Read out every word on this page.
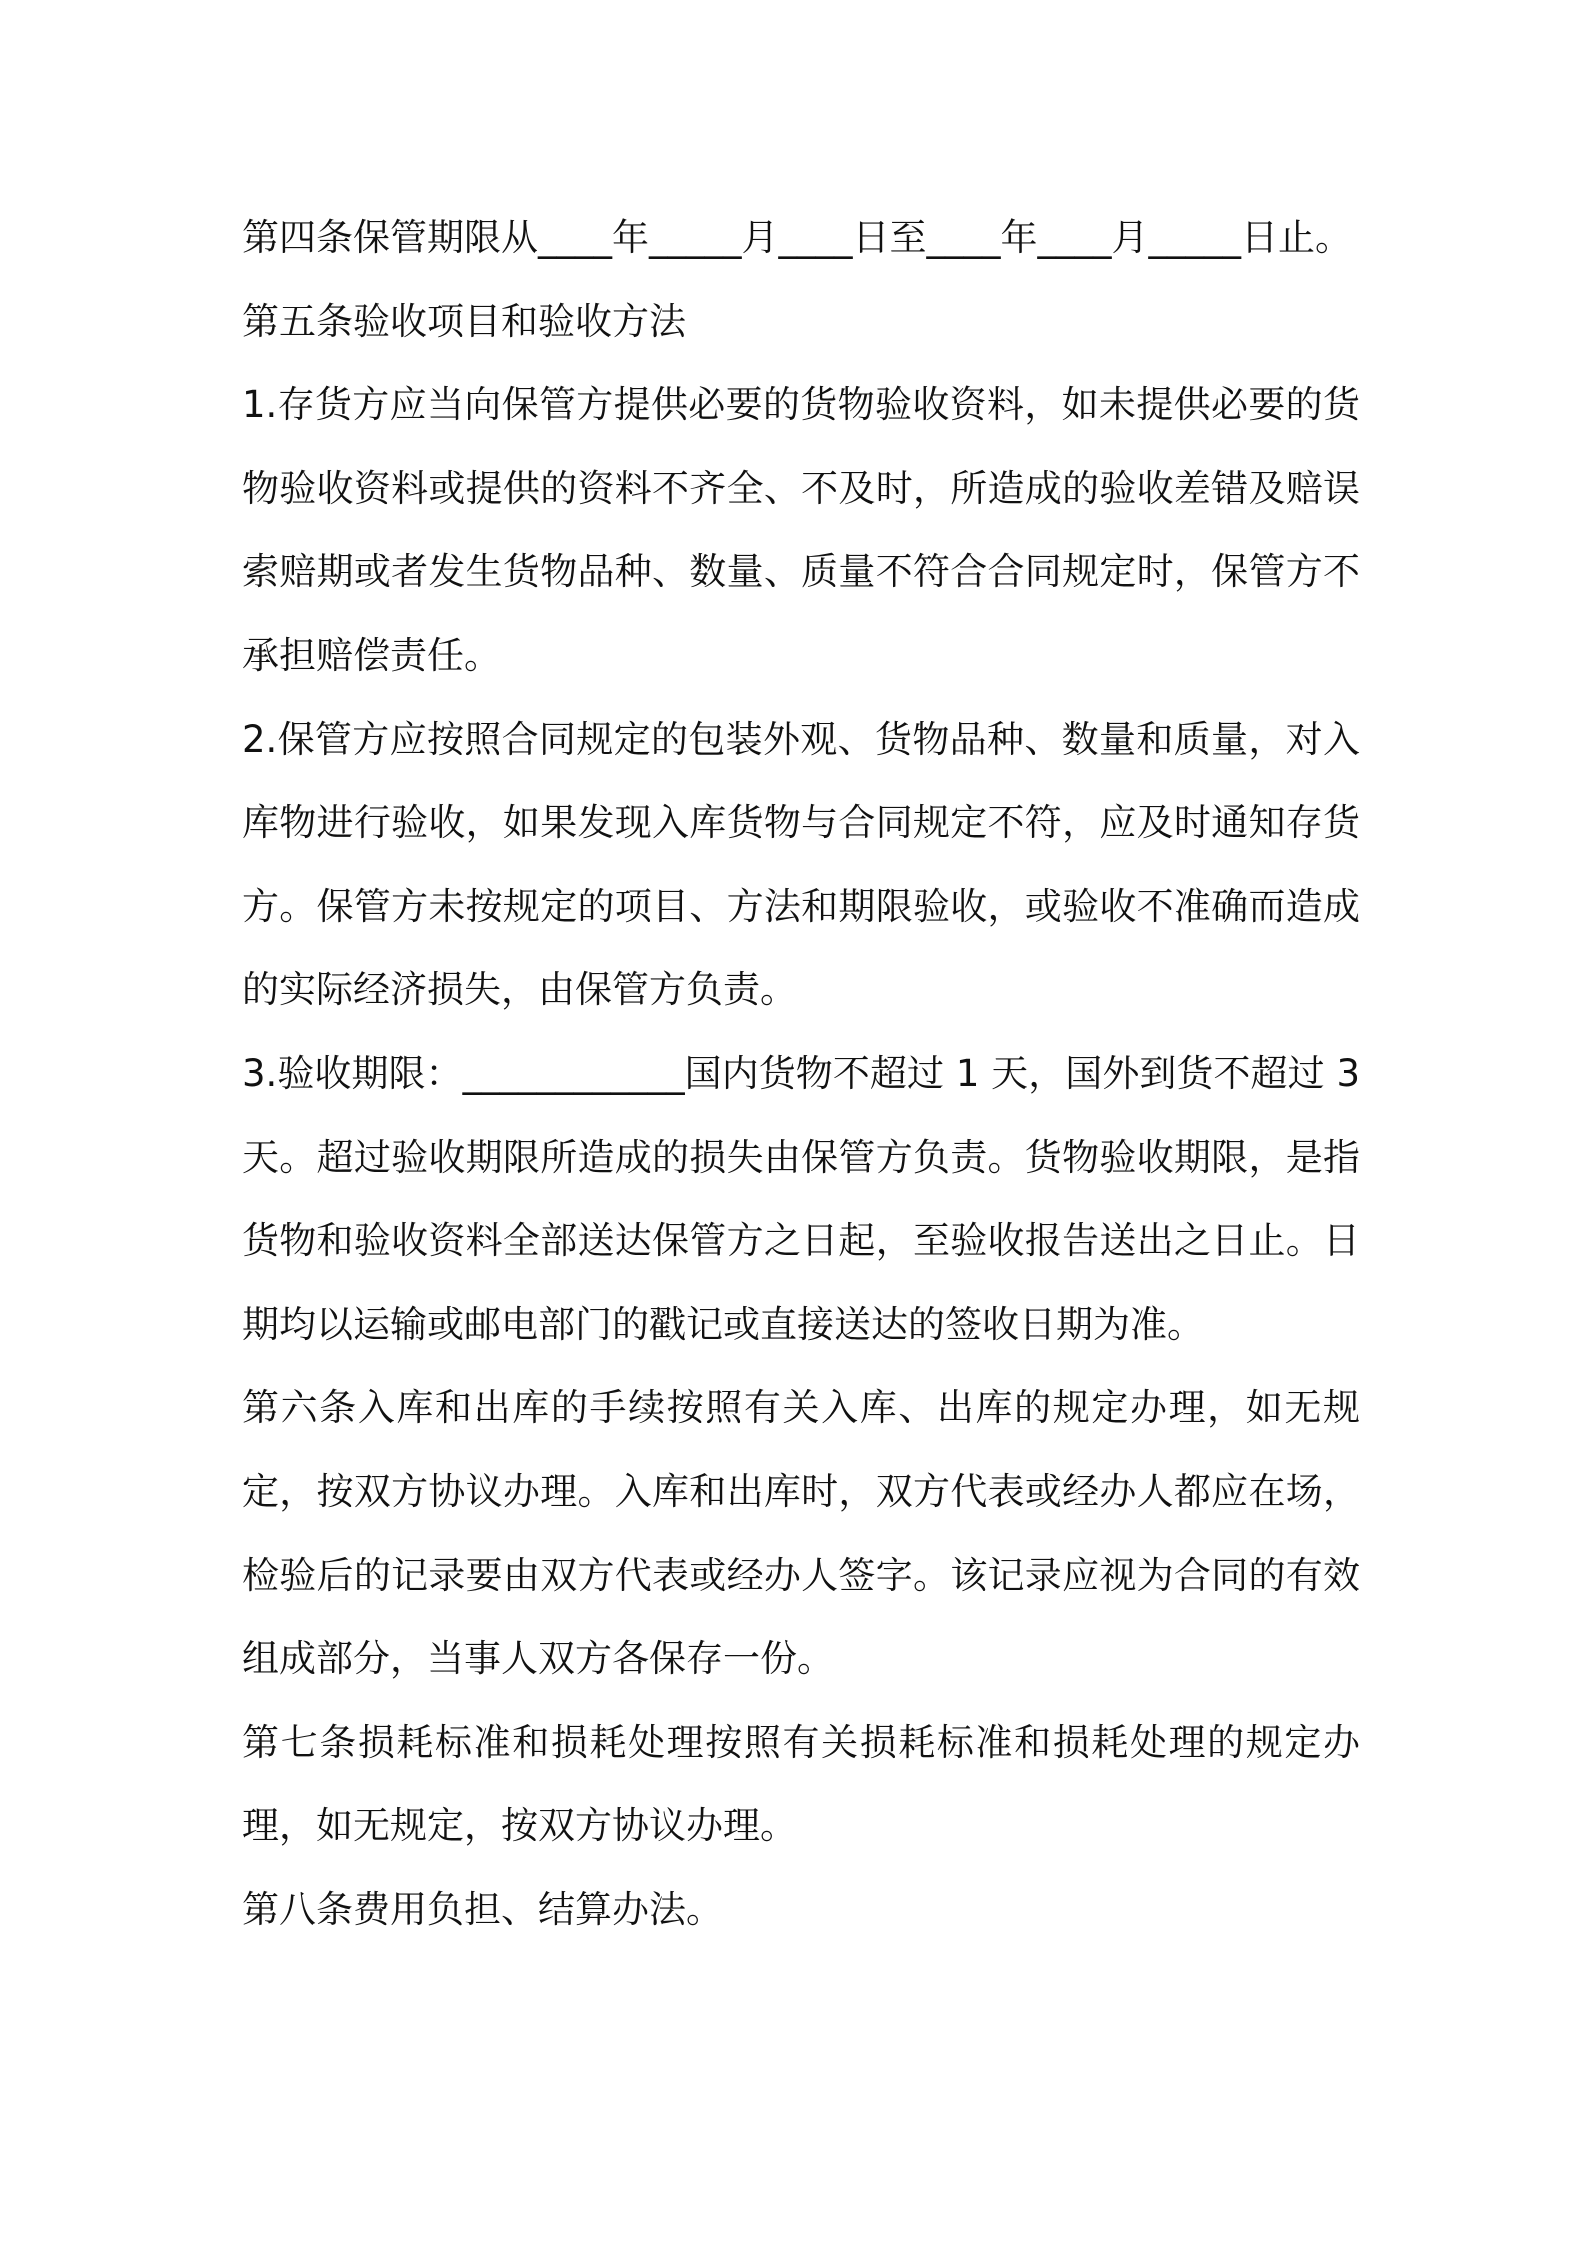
第四条保管期限从____年_____月____日至____年____月_____日止。

第五条验收项目和验收方法

1.存货方应当向保管方提供必要的货物验收资料，如未提供必要的货物验收资料或提供的资料不齐全、不及时，所造成的验收差错及赔误索赔期或者发生货物品种、数量、质量不符合合同规定时，保管方不承担赔偿责任。

2.保管方应按照合同规定的包装外观、货物品种、数量和质量，对入库物进行验收，如果发现入库货物与合同规定不符，应及时通知存货方。保管方未按规定的项目、方法和期限验收，或验收不准确而造成的实际经济损失，由保管方负责。

3.验收期限：____________国内货物不超过 1 天，国外到货不超过 3 天。超过验收期限所造成的损失由保管方负责。货物验收期限，是指货物和验收资料全部送达保管方之日起，至验收报告送出之日止。日期均以运输或邮电部门的戳记或直接送达的签收日期为准。

第六条入库和出库的手续按照有关入库、出库的规定办理，如无规定，按双方协议办理。入库和出库时，双方代表或经办人都应在场，检验后的记录要由双方代表或经办人签字。该记录应视为合同的有效组成部分，当事人双方各保存一份。

第七条损耗标准和损耗处理按照有关损耗标准和损耗处理的规定办理，如无规定，按双方协议办理。

第八条费用负担、结算办法。
